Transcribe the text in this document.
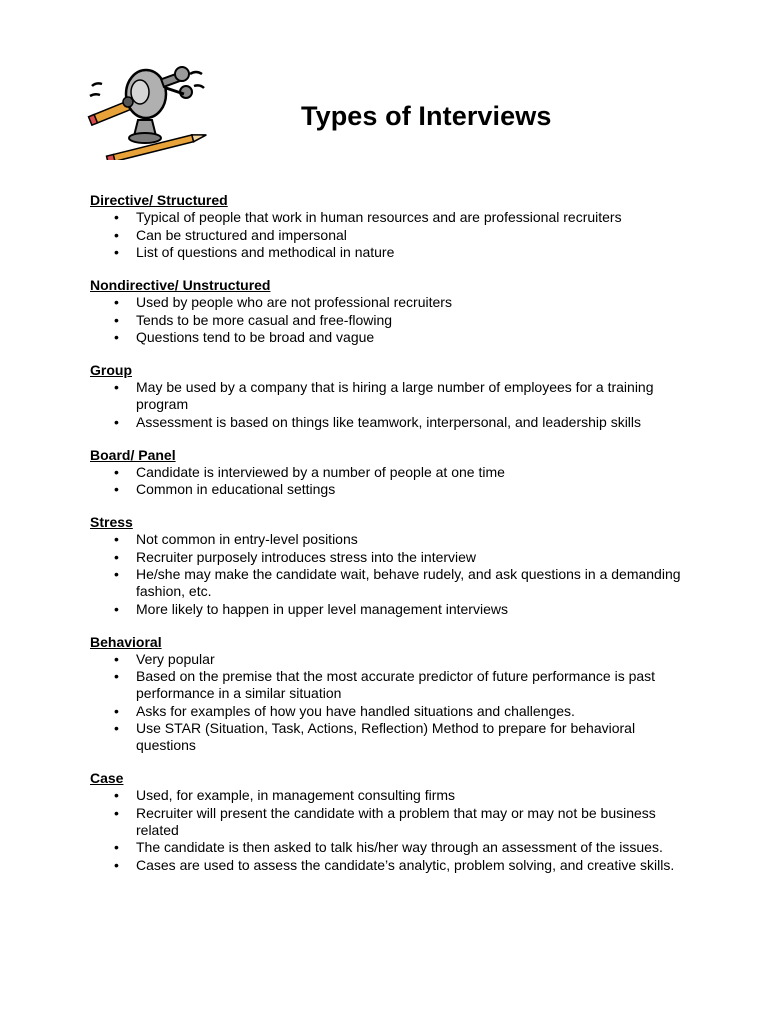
Types of Interviews
Directive/ Structured
• Typical of people that work in human resources and are professional recruiters
• Can be structured and impersonal
• List of questions and methodical in nature
Nondirective/ Unstructured
• Used by people who are not professional recruiters
• Tends to be more casual and free-flowing
• Questions tend to be broad and vague
Group
• May be used by a company that is hiring a large number of employees for a training program
• Assessment is based on things like teamwork, interpersonal, and leadership skills
Board/ Panel
• Candidate is interviewed by a number of people at one time
• Common in educational settings
Stress
• Not common in entry-level positions
• Recruiter purposely introduces stress into the interview
• He/she may make the candidate wait, behave rudely, and ask questions in a demanding fashion, etc.
• More likely to happen in upper level management interviews
Behavioral
• Very popular
• Based on the premise that the most accurate predictor of future performance is past performance in a similar situation
• Asks for examples of how you have handled situations and challenges.
• Use STAR (Situation, Task, Actions, Reflection) Method to prepare for behavioral questions
Case
• Used, for example, in management consulting firms
• Recruiter will present the candidate with a problem that may or may not be business related
• The candidate is then asked to talk his/her way through an assessment of the issues.
• Cases are used to assess the candidate’s analytic, problem solving, and creative skills.
